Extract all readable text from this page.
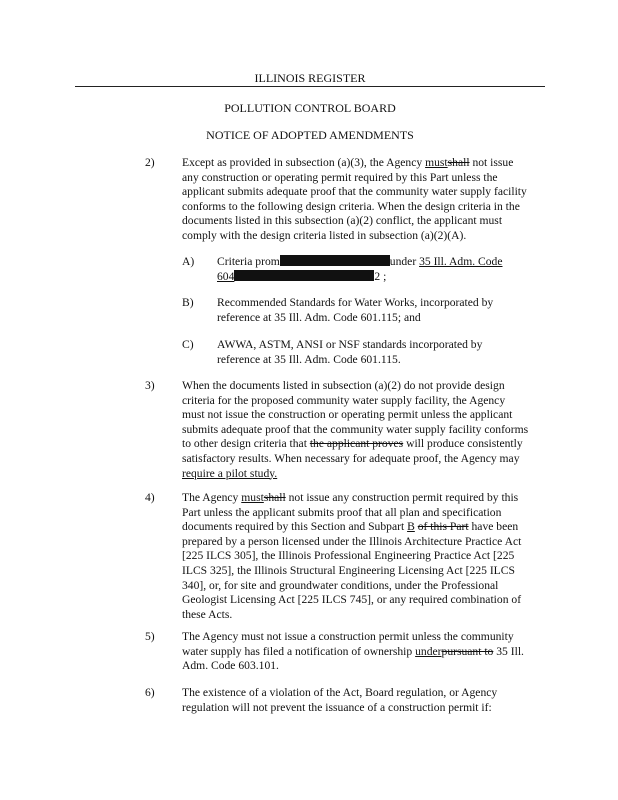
ILLINOIS REGISTER
POLLUTION CONTROL BOARD
NOTICE OF ADOPTED AMENDMENTS
2) Except as provided in subsection (a)(3), the Agency mustshall not issue
any construction or operating permit required by this Part unless the
applicant submits adequate proof that the community water supply facility
conforms to the following design criteria. When the design criteria in the
documents listed in this subsection (a)(2) conflict, the applicant must
comply with the design criteria listed in subsection (a)(2)(A).
A) Criteria prom	under 35 Ill. Adm. Code
604	2 ;
B) Recommended Standards for Water Works, incorporated by
reference at 35 Ill. Adm. Code 601.115; and
C) AWWA, ASTM, ANSI or NSF standards incorporated by
reference at 35 Ill. Adm. Code 601.115.
3) When the documents listed in subsection (a)(2) do not provide design
criteria for the proposed community water supply facility, the Agency
must not issue the construction or operating permit unless the applicant
submits adequate proof that the community water supply facility conforms
to other design criteria that the applicant proves will produce consistently
satisfactory results. When necessary for adequate proof, the Agency may
require a pilot study.
4) The Agency mustshall not issue any construction permit required by this
Part unless the applicant submits proof that all plan and specification
documents required by this Section and Subpart B of this Part have been
prepared by a person licensed under the Illinois Architecture Practice Act
[225 ILCS 305], the Illinois Professional Engineering Practice Act [225
ILCS 325], the Illinois Structural Engineering Licensing Act [225 ILCS
340], or, for site and groundwater conditions, under the Professional
Geologist Licensing Act [225 ILCS 745], or any required combination of
these Acts.
5) The Agency must not issue a construction permit unless the community
water supply has filed a notification of ownership underpursuant to 35 Ill.
Adm. Code 603.101.
6) The existence of a violation of the Act, Board regulation, or Agency
regulation will not prevent the issuance of a construction permit if:
